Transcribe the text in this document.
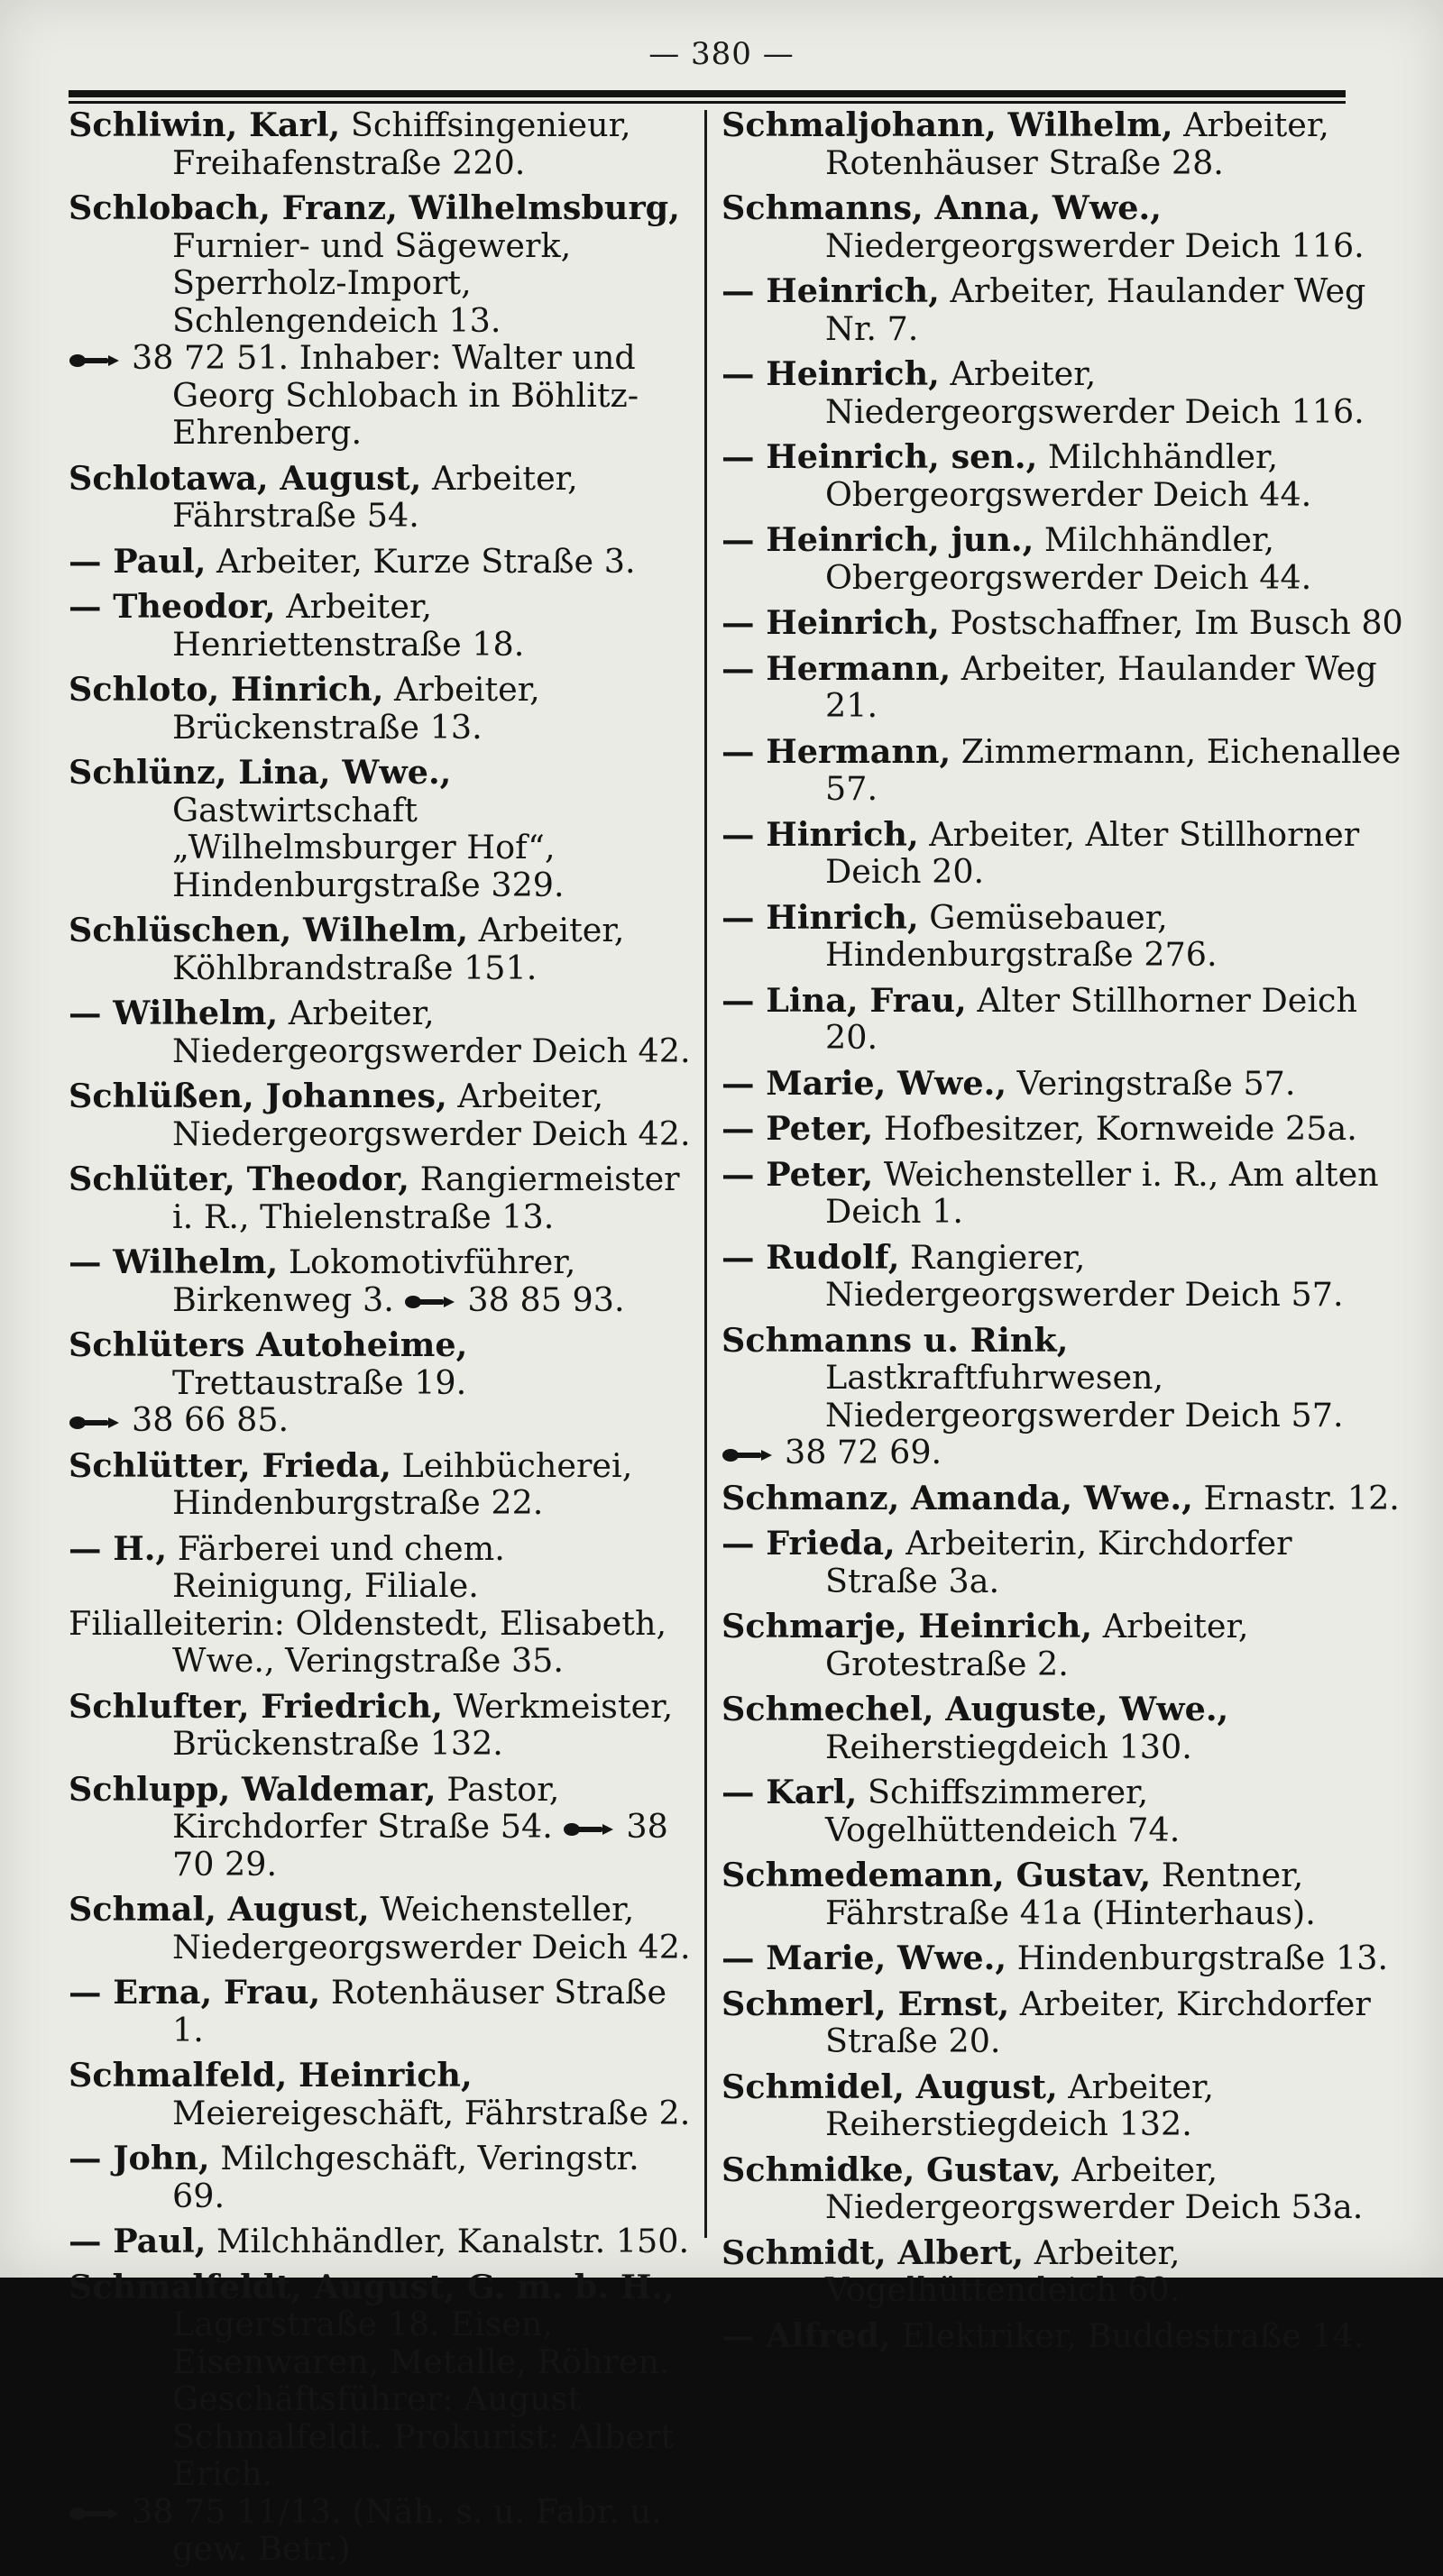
— 380 —
Schliwin, Karl, Schiffsingenieur, Freihafenstraße 220.
Schlobach, Franz, Wilhelmsburg, Furnier- und Sägewerk, Sperrholz-Import, Schlengendeich 13.
38 72 51. Inhaber: Walter und Georg Schlobach in Böhlitz-Ehrenberg.
Schlotawa, August, Arbeiter, Fährstraße 54.
— Paul, Arbeiter, Kurze Straße 3.
— Theodor, Arbeiter, Henriettenstraße 18.
Schloto, Hinrich, Arbeiter, Brückenstraße 13.
Schlünz, Lina, Wwe., Gastwirtschaft „Wilhelmsburger Hof“, Hindenburgstraße 329.
Schlüschen, Wilhelm, Arbeiter, Köhlbrandstraße 151.
— Wilhelm, Arbeiter, Niedergeorgswerder Deich 42.
Schlüßen, Johannes, Arbeiter, Niedergeorgswerder Deich 42.
Schlüter, Theodor, Rangiermeister i. R., Thielenstraße 13.
— Wilhelm, Lokomotivführer, Birkenweg 3. 38 85 93.
Schlüters Autoheime, Trettaustraße 19.
38 66 85.
Schlütter, Frieda, Leihbücherei, Hindenburgstraße 22.
— H., Färberei und chem. Reinigung, Filiale.
Filialleiterin: Oldenstedt, Elisabeth, Wwe., Veringstraße 35.
Schlufter, Friedrich, Werkmeister, Brückenstraße 132.
Schlupp, Waldemar, Pastor, Kirchdorfer Straße 54. 38 70 29.
Schmal, August, Weichensteller, Niedergeorgswerder Deich 42.
— Erna, Frau, Rotenhäuser Straße 1.
Schmalfeld, Heinrich, Meiereigeschäft, Fährstraße 2.
— John, Milchgeschäft, Veringstr. 69.
— Paul, Milchhändler, Kanalstr. 150.
Schmalfeldt, August, G. m. b. H., Lagerstraße 18. Eisen, Eisenwaren, Metalle, Röhren. Geschäftsführer: August Schmalfeldt. Prokurist: Albert Erich.
38 75 11/13. (Näh. s. u. Fabr. u. gew. Betr.)
Schmaljohann, Wilhelm, Arbeiter, Rotenhäuser Straße 28.
Schmanns, Anna, Wwe., Niedergeorgswerder Deich 116.
— Heinrich, Arbeiter, Haulander Weg Nr. 7.
— Heinrich, Arbeiter, Niedergeorgswerder Deich 116.
— Heinrich, sen., Milchhändler, Obergeorgswerder Deich 44.
— Heinrich, jun., Milchhändler, Obergeorgswerder Deich 44.
— Heinrich, Postschaffner, Im Busch 80
— Hermann, Arbeiter, Haulander Weg 21.
— Hermann, Zimmermann, Eichenallee 57.
— Hinrich, Arbeiter, Alter Stillhorner Deich 20.
— Hinrich, Gemüsebauer, Hindenburgstraße 276.
— Lina, Frau, Alter Stillhorner Deich 20.
— Marie, Wwe., Veringstraße 57.
— Peter, Hofbesitzer, Kornweide 25a.
— Peter, Weichensteller i. R., Am alten Deich 1.
— Rudolf, Rangierer, Niedergeorgswerder Deich 57.
Schmanns u. Rink, Lastkraftfuhrwesen, Niedergeorgswerder Deich 57.
38 72 69.
Schmanz, Amanda, Wwe., Ernastr. 12.
— Frieda, Arbeiterin, Kirchdorfer Straße 3a.
Schmarje, Heinrich, Arbeiter, Grotestraße 2.
Schmechel, Auguste, Wwe., Reiherstiegdeich 130.
— Karl, Schiffszimmerer, Vogelhüttendeich 74.
Schmedemann, Gustav, Rentner, Fährstraße 41a (Hinterhaus).
— Marie, Wwe., Hindenburgstraße 13.
Schmerl, Ernst, Arbeiter, Kirchdorfer Straße 20.
Schmidel, August, Arbeiter, Reiherstiegdeich 132.
Schmidke, Gustav, Arbeiter, Niedergeorgswerder Deich 53a.
Schmidt, Albert, Arbeiter, Vogelhüttendeich 60.
— Alfred, Elektriker, Buddestraße 14.
